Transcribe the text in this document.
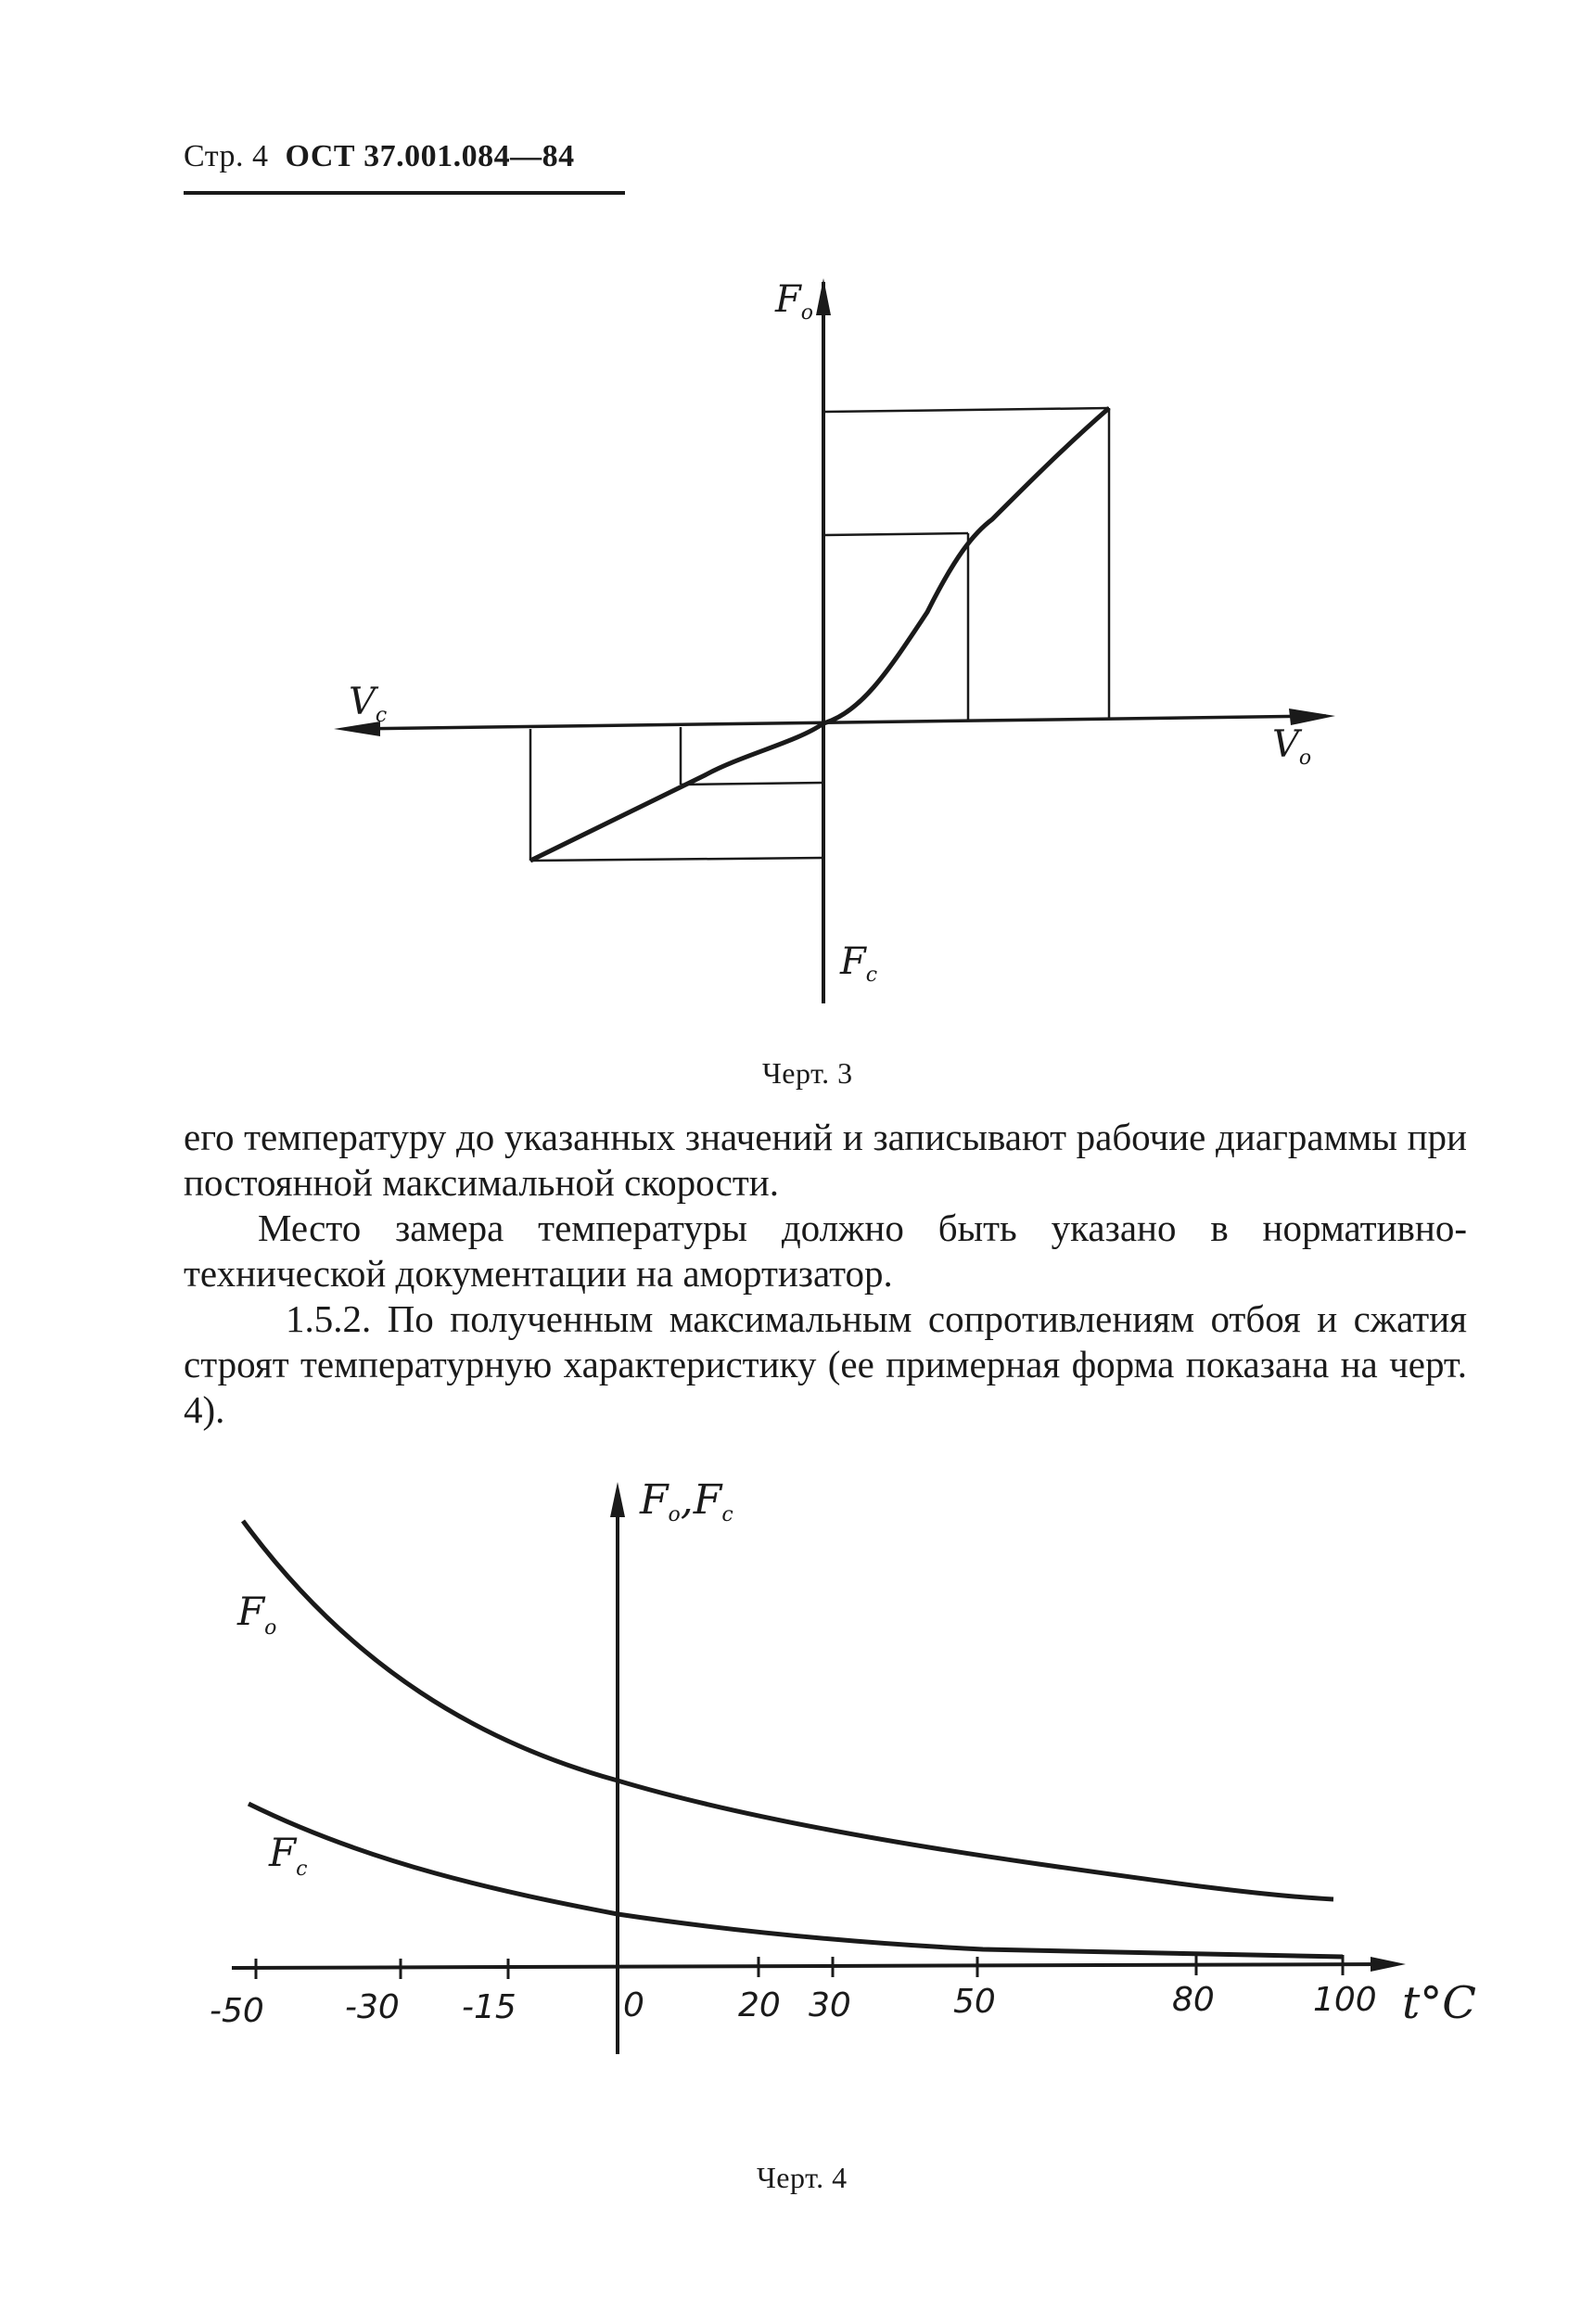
Стр. 4 ОСТ 37.001.084—84
$F_o$
$F_c$
$V_c$
$V_o$
Черт. 3

его температуру до указанных значений и записывают рабочие диаграммы при постоянной максимальной скорости.

Место замера температуры должно быть указано в нормативно-технической документации на амортизатор.

1.5.2. По полученным максимальным сопротивлениям отбоя и сжатия строят температурную характеристику (ее примерная форма показана на черт. 4).

Fo,Fc
$F_o$
$F_c$
-50 -30 -15	0	20 30	50	80	100 t°C
Черт. 4
